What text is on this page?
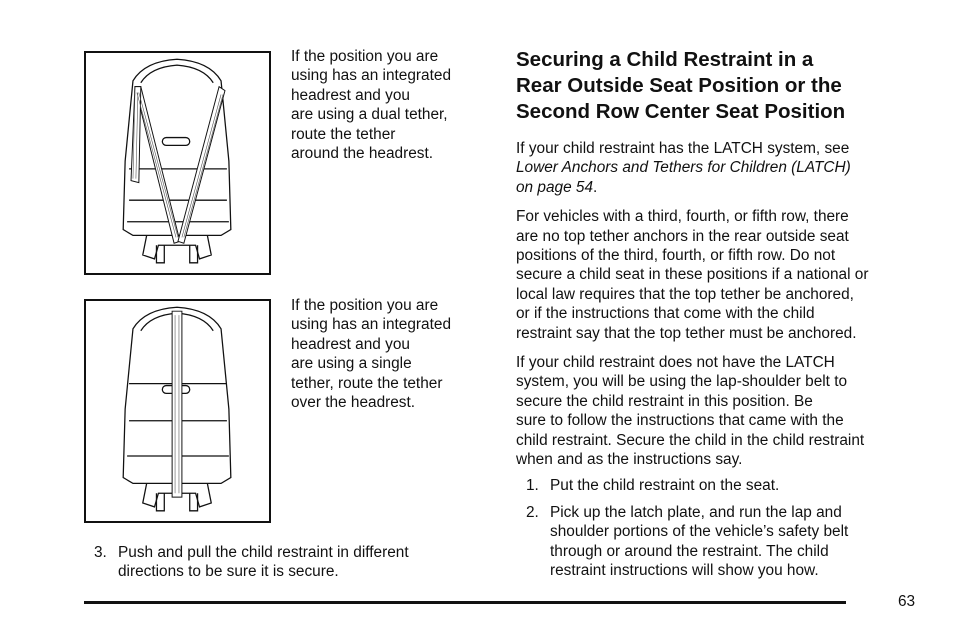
If the position you are
using has an integrated
headrest and you
are using a dual tether,
route the tether
around the headrest.
If the position you are
using has an integrated
headrest and you
are using a single
tether, route the tether
over the headrest.
3. Push and pull the child restraint in different
directions to be sure it is secure.
Securing a Child Restraint in a
Rear Outside Seat Position or the
Second Row Center Seat Position
If your child restraint has the LATCH system, see
Lower Anchors and Tethers for Children (LATCH)
on page 54.
For vehicles with a third, fourth, or fifth row, there
are no top tether anchors in the rear outside seat
positions of the third, fourth, or fifth row. Do not
secure a child seat in these positions if a national or
local law requires that the top tether be anchored,
or if the instructions that come with the child
restraint say that the top tether must be anchored.
If your child restraint does not have the LATCH
system, you will be using the lap-shoulder belt to
secure the child restraint in this position. Be
sure to follow the instructions that came with the
child restraint. Secure the child in the child restraint
when and as the instructions say.
1. Put the child restraint on the seat.
2. Pick up the latch plate, and run the lap and
shoulder portions of the vehicle’s safety belt
through or around the restraint. The child
restraint instructions will show you how.
63
